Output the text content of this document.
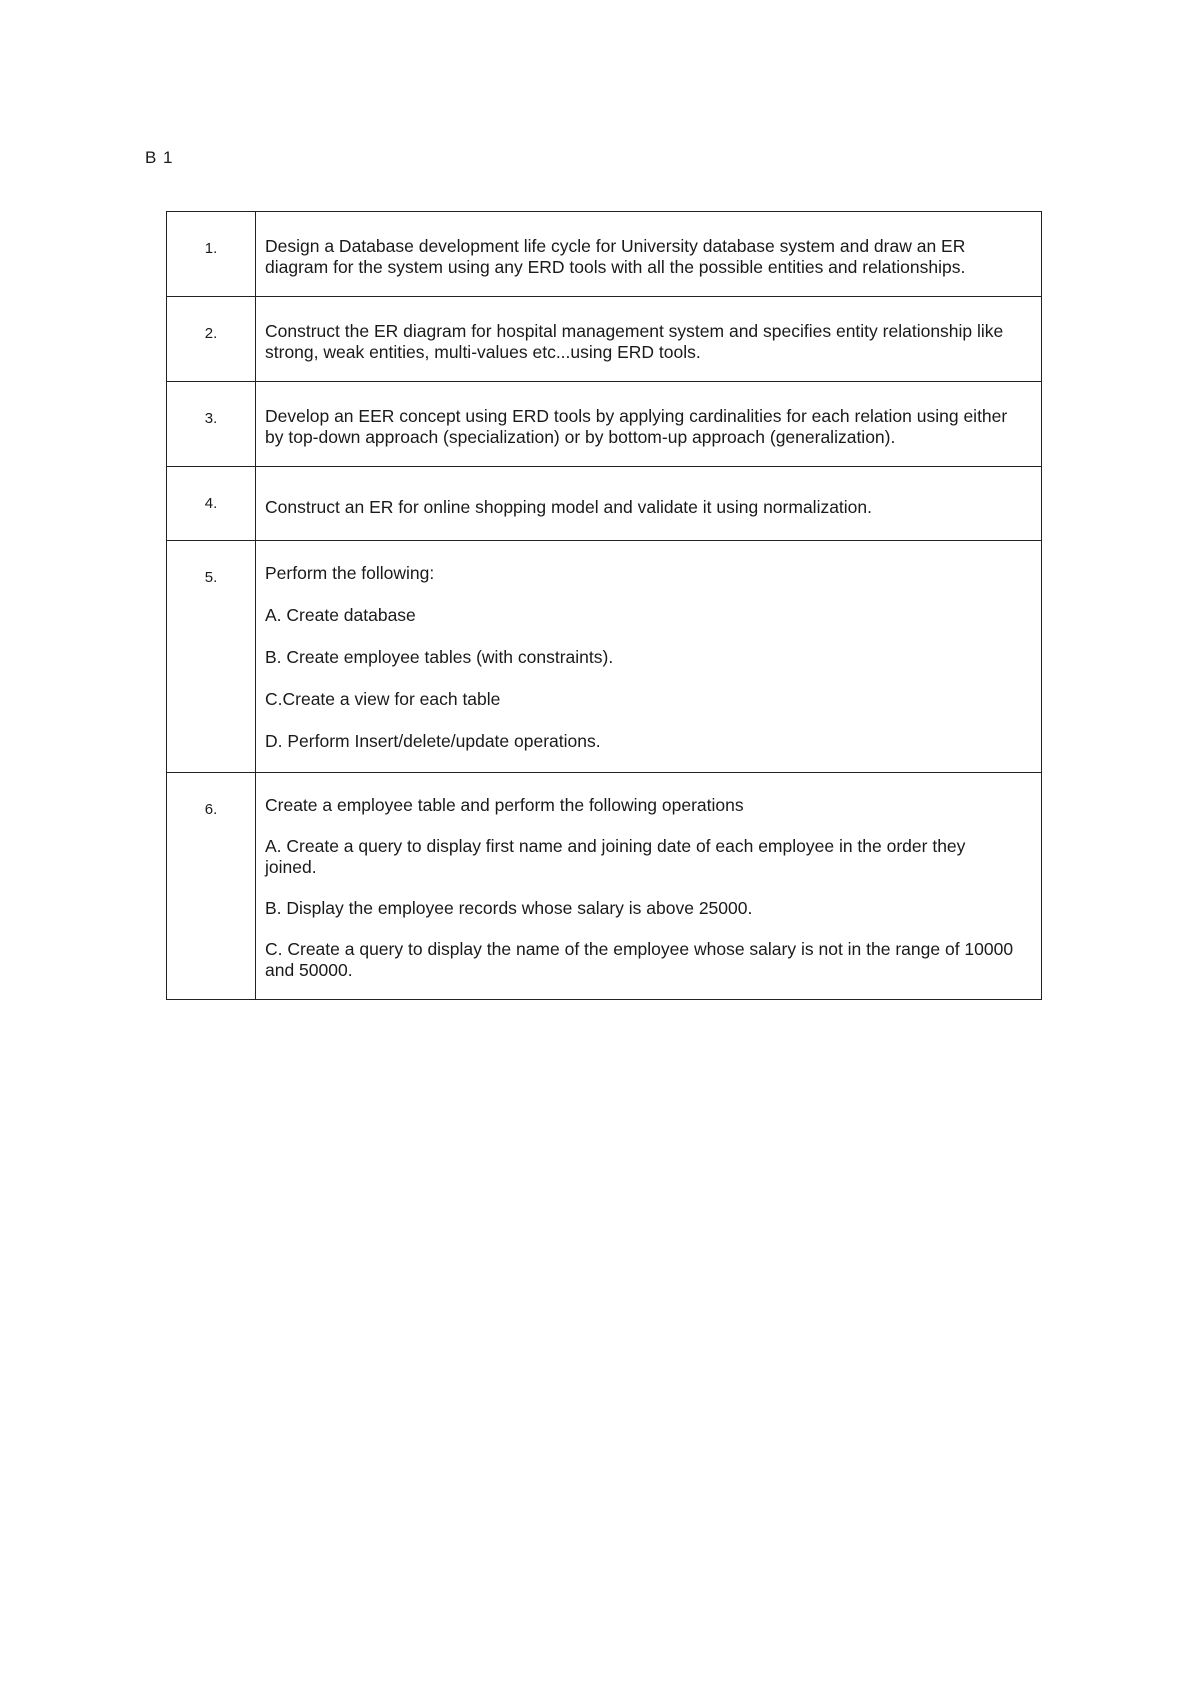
B 1
1.	Design a Database development life cycle for University database system and draw an ER diagram for the system using any ERD tools with all the possible entities and relationships.

2.	Construct the ER diagram for hospital management system and specifies entity relationship like strong, weak entities, multi-values etc...using ERD tools.

3.	Develop an EER concept using ERD tools by applying cardinalities for each relation using either by top-down approach (specialization) or by bottom-up approach (generalization).

4.	Construct an ER for online shopping model and validate it using normalization.

5.	Perform the following:

A. Create database

B. Create employee tables (with constraints).

C.Create a view for each table

D. Perform Insert/delete/update operations.

6.	Create a employee table and perform the following operations

A. Create a query to display first name and joining date of each employee in the order they joined.

B. Display the employee records whose salary is above 25000.

C. Create a query to display the name of the employee whose salary is not in the range of 10000 and 50000.
